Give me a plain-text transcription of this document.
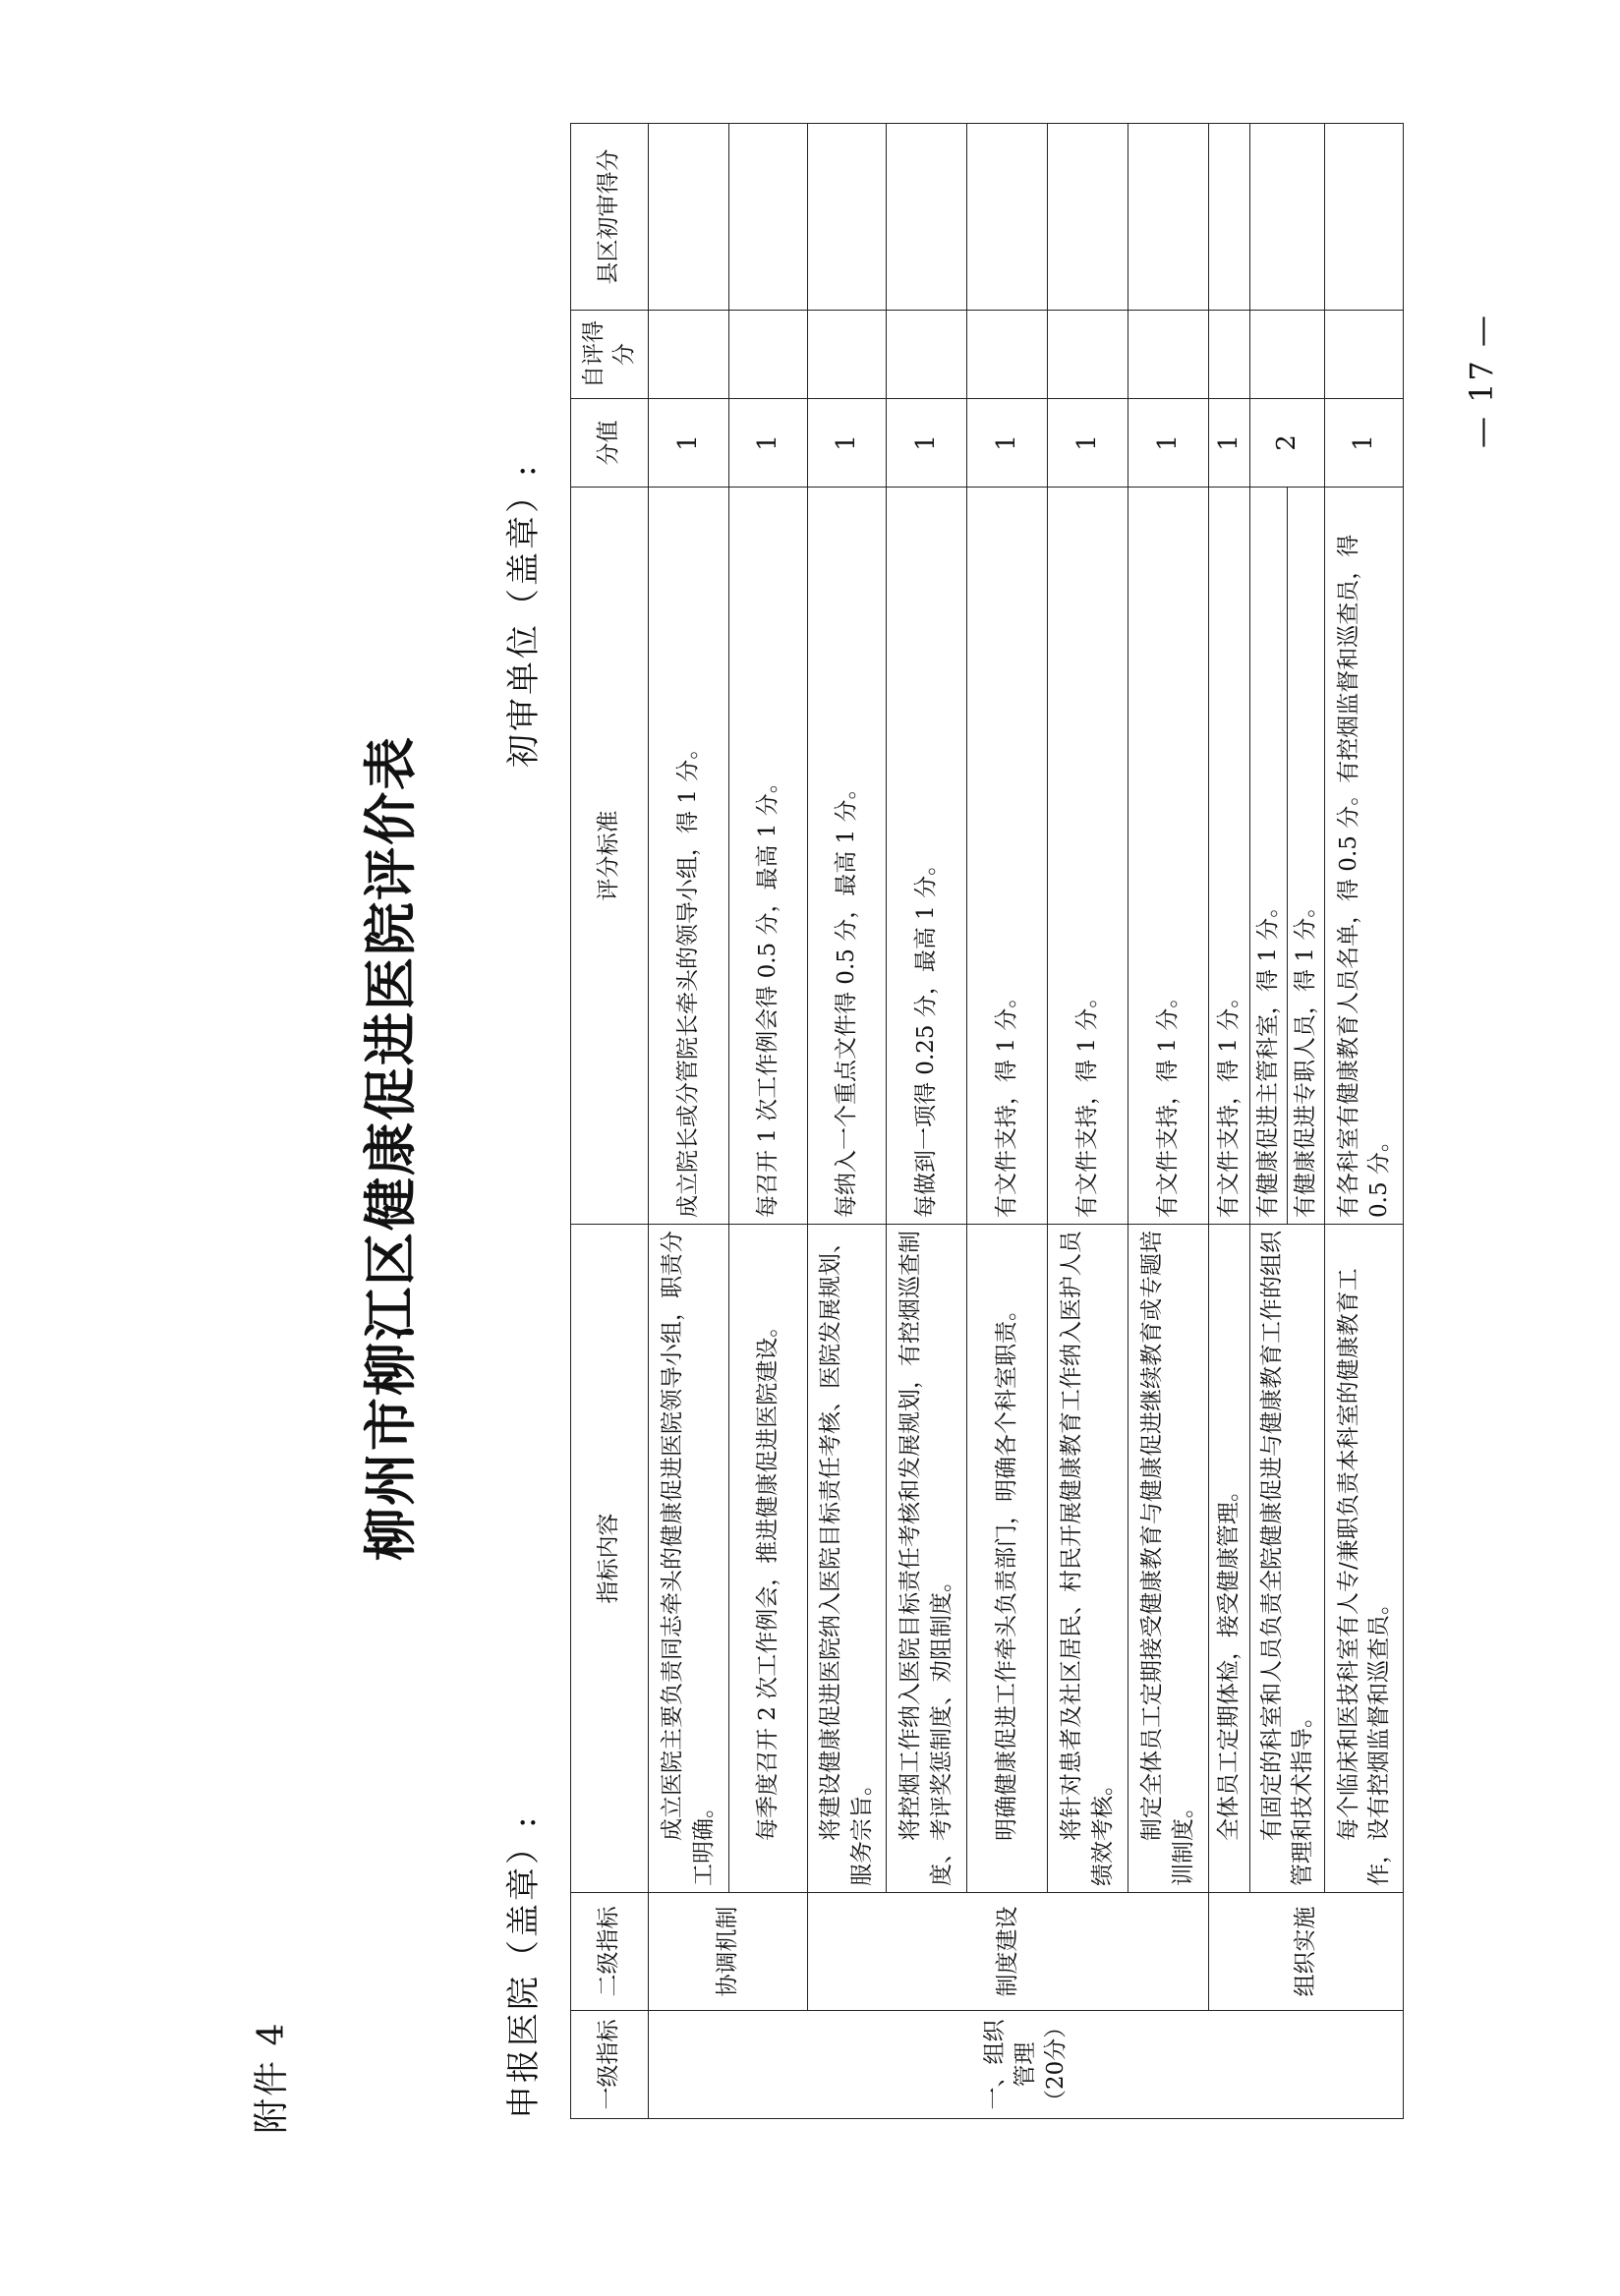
附件 4
柳州市柳江区健康促进医院评价表
申报医院（盖章）:
初审单位（盖章）:
一级指标	二级指标	指标内容	评分标准	分值	自评得分	县区初审得分
一、组织管理（20分）	协调机制	成立医院主要负责同志牵头的健康促进医院领导小组，职责分工明确。	成立院长或分管院长牵头的领导小组，得 1 分。	1		
		每季度召开 2 次工作例会，推进健康促进医院建设。	每召开 1 次工作例会得 0.5 分，最高 1 分。	1		
	制度建设	将建设健康促进医院纳入医院目标责任考核、医院发展规划、服务宗旨。	每纳入一个重点文件得 0.5 分，最高 1 分。	1		
		将控烟工作纳入医院目标责任考核和发展规划，有控烟巡查制度、考评奖惩制度、劝阻制度。	每做到一项得 0.25 分，最高 1 分。	1		
		明确健康促进工作牵头负责部门，明确各个科室职责。	有文件支持，得 1 分。	1		
		将针对患者及社区居民、村民开展健康教育工作纳入医护人员绩效考核。	有文件支持，得 1 分。	1		
		制定全体员工定期接受健康教育与健康促进继续教育或专题培训制度。	有文件支持，得 1 分。	1		
	组织实施	全体员工定期体检，接受健康管理。	有文件支持，得 1 分。	1		
		有固定的科室和人员负责全院健康促进与健康教育工作的组织管理和技术指导。	有健康促进主管科室，得 1 分。	2		
			有健康促进专职人员，得 1 分。			
		每个临床和医技科室有人专/兼职负责本科室的健康教育工作，设有控烟监督和巡查员。	有各科室有健康教育人员名单，得 0.5 分。有控烟监督和巡查员，得 0.5 分。	1			— 17 —
